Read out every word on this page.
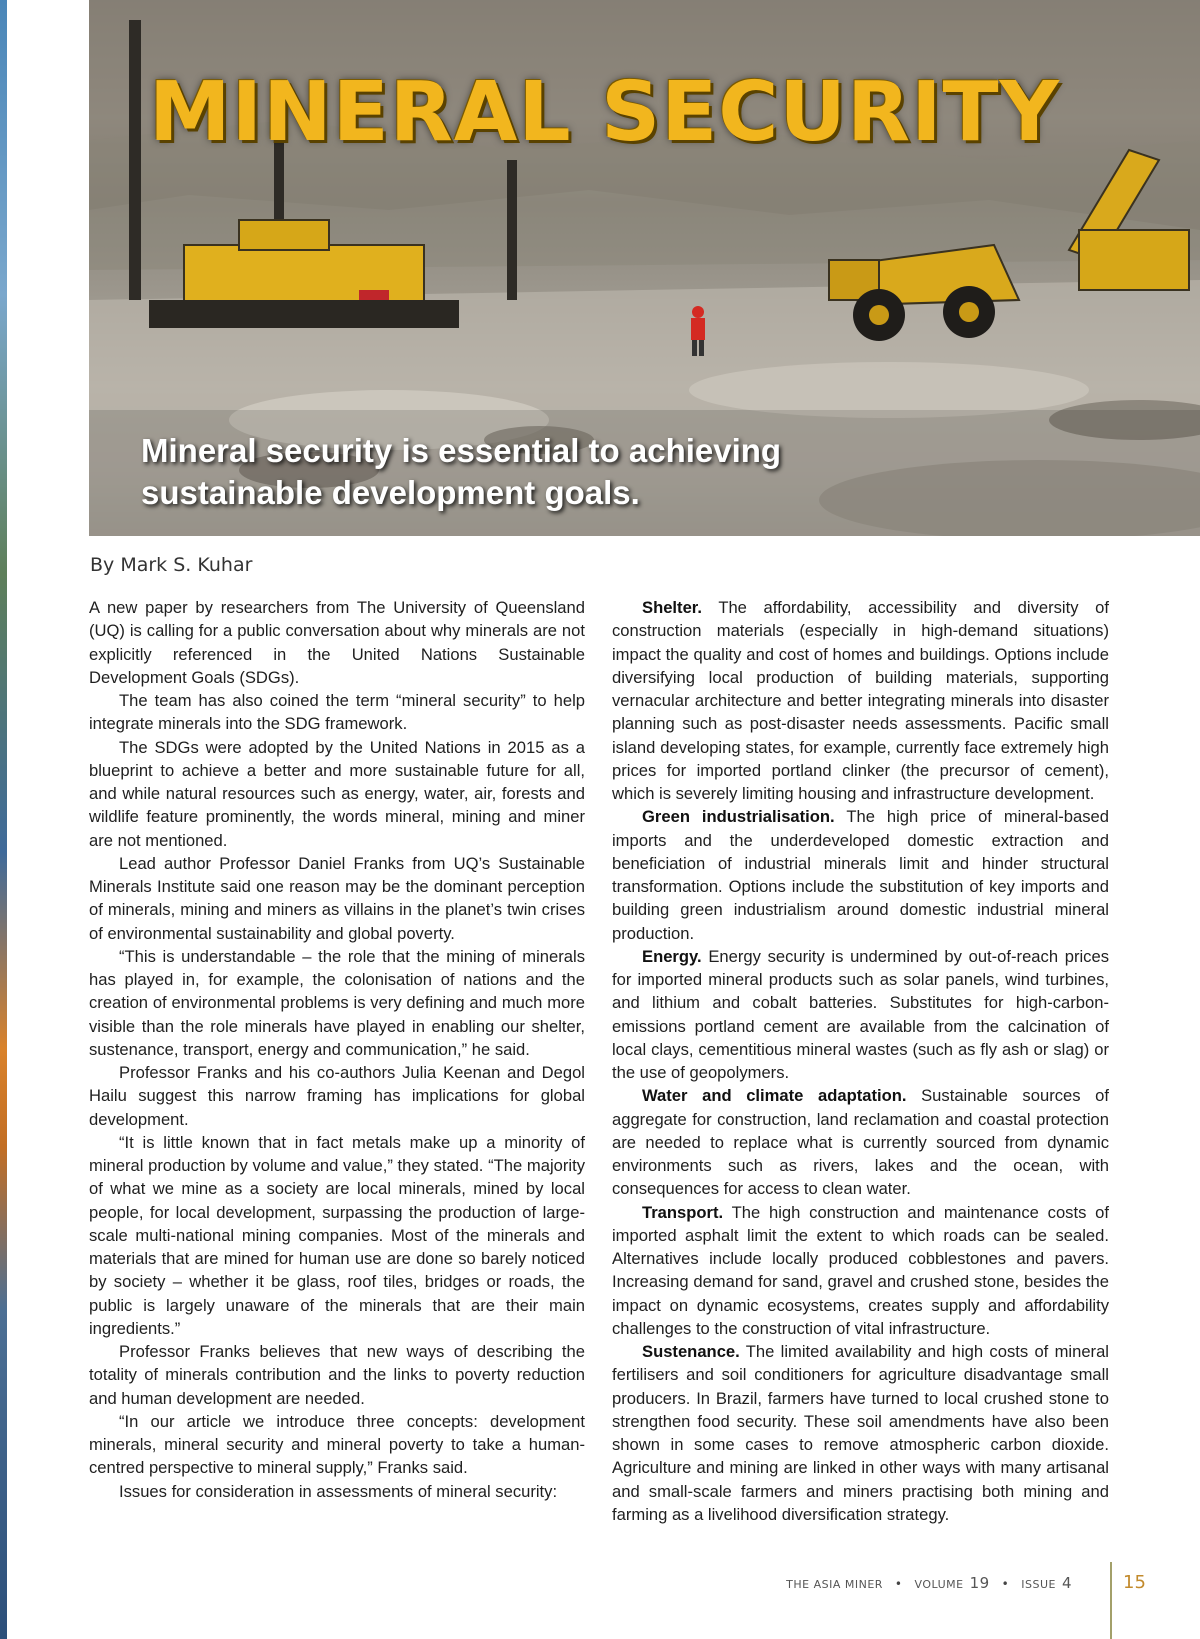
MINERAL SECURITY

Mineral security is essential to achieving sustainable development goals.

By Mark S. Kuhar

A new paper by researchers from The University of Queensland (UQ) is calling for a public conversation about why minerals are not explicitly referenced in the United Nations Sustainable Development Goals (SDGs).

The team has also coined the term “mineral security” to help integrate minerals into the SDG framework.

The SDGs were adopted by the United Nations in 2015 as a blueprint to achieve a better and more sustainable future for all, and while natural resources such as energy, water, air, forests and wildlife feature prominently, the words mineral, mining and miner are not mentioned.

Lead author Professor Daniel Franks from UQ’s Sustainable Minerals Institute said one reason may be the dominant perception of minerals, mining and miners as villains in the planet’s twin crises of environmental sustainability and global poverty.

“This is understandable – the role that the mining of minerals has played in, for example, the colonisation of nations and the creation of environmental problems is very defining and much more visible than the role minerals have played in enabling our shelter, sustenance, transport, energy and communication,” he said.

Professor Franks and his co-authors Julia Keenan and Degol Hailu suggest this narrow framing has implications for global development.

“It is little known that in fact metals make up a minority of mineral production by volume and value,” they stated. “The majority of what we mine as a society are local minerals, mined by local people, for local development, surpassing the production of large-scale multi-national mining companies. Most of the minerals and materials that are mined for human use are done so barely noticed by society – whether it be glass, roof tiles, bridges or roads, the public is largely unaware of the minerals that are their main ingredients.”

Professor Franks believes that new ways of describing the totality of minerals contribution and the links to poverty reduction and human development are needed.

“In our article we introduce three concepts: development minerals, mineral security and mineral poverty to take a human-centred perspective to mineral supply,” Franks said.

Issues for consideration in assessments of mineral security:

Shelter. The affordability, accessibility and diversity of construction materials (especially in high-demand situations) impact the quality and cost of homes and buildings. Options include diversifying local production of building materials, supporting vernacular architecture and better integrating minerals into disaster planning such as post-disaster needs assessments. Pacific small island developing states, for example, currently face extremely high prices for imported portland clinker (the precursor of cement), which is severely limiting housing and infrastructure development.

Green industrialisation. The high price of mineral-based imports and the underdeveloped domestic extraction and beneficiation of industrial minerals limit and hinder structural transformation. Options include the substitution of key imports and building green industrialism around domestic industrial mineral production.

Energy. Energy security is undermined by out-of-reach prices for imported mineral products such as solar panels, wind turbines, and lithium and cobalt batteries. Substitutes for high-carbon-emissions portland cement are available from the calcination of local clays, cementitious mineral wastes (such as fly ash or slag) or the use of geopolymers.

Water and climate adaptation. Sustainable sources of aggregate for construction, land reclamation and coastal protection are needed to replace what is currently sourced from dynamic environments such as rivers, lakes and the ocean, with consequences for access to clean water.

Transport. The high construction and maintenance costs of imported asphalt limit the extent to which roads can be sealed. Alternatives include locally produced cobblestones and pavers. Increasing demand for sand, gravel and crushed stone, besides the impact on dynamic ecosystems, creates supply and affordability challenges to the construction of vital infrastructure.

Sustenance. The limited availability and high costs of mineral fertilisers and soil conditioners for agriculture disadvantage small producers. In Brazil, farmers have turned to local crushed stone to strengthen food security. These soil amendments have also been shown in some cases to remove atmospheric carbon dioxide. Agriculture and mining are linked in other ways with many artisanal and small-scale farmers and miners practising both mining and farming as a livelihood diversification strategy.

THE ASIA MINER	•	VOLUME 19	•	ISSUE 4	15
